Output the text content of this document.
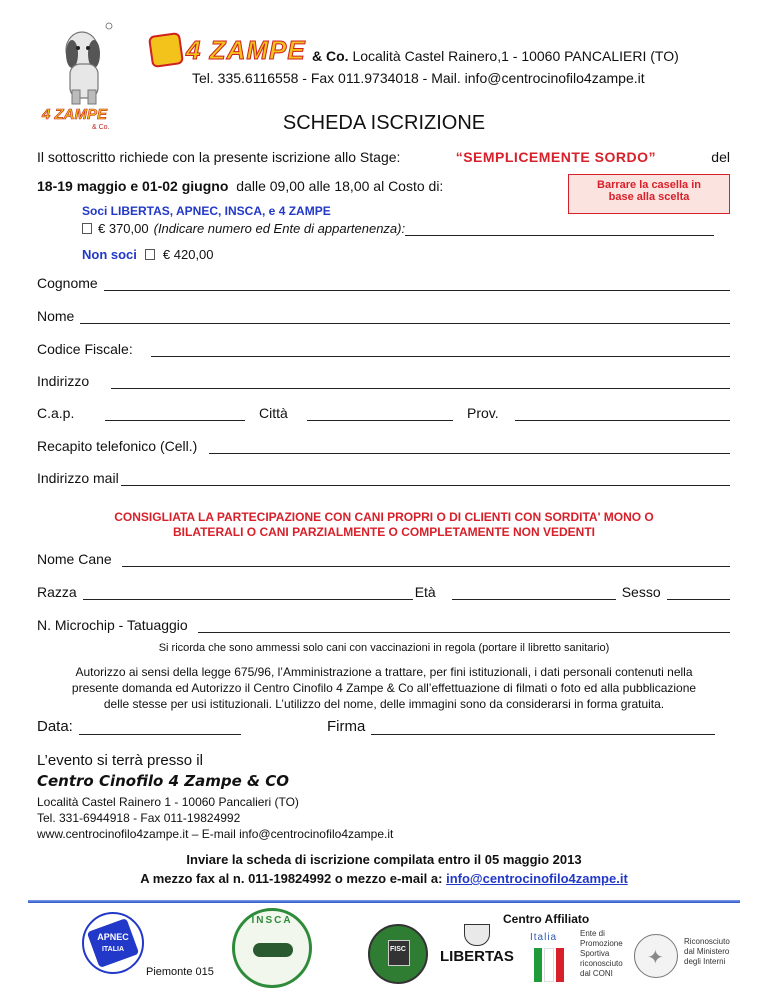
4 ZAMPE
& Co.
4 ZAMPE & Co. Località Castel Rainero,1 - 10060 PANCALIERI (TO)
Tel. 335.6116558 - Fax 011.9734018 - Mail. info@centrocinofilo4zampe.it
SCHEDA ISCRIZIONE
Il sottoscritto richiede con la presente iscrizione allo Stage:	“SEMPLICEMENTE SORDO”	del
18-19 maggio e 01-02 giugno dalle 09,00 alle 18,00 al Costo di:	Barrare la casella in
base alla scelta
Soci LIBERTAS, APNEC, INSCA, e 4 ZAMPE
€ 370,00 (Indicare numero ed Ente di appartenenza):
Non soci € 420,00
Cognome
Nome
Codice Fiscale:
Indirizzo
C.a.p.	Città	Prov.
Recapito telefonico (Cell.)
Indirizzo mail
CONSIGLIATA LA PARTECIPAZIONE CON CANI PROPRI O DI CLIENTI CON SORDITA' MONO O
BILATERALI O CANI PARZIALMENTE O COMPLETAMENTE NON VEDENTI
Nome Cane
Razza	Età	Sesso
N. Microchip - Tatuaggio
Si ricorda che sono ammessi solo cani con vaccinazioni in regola (portare il libretto sanitario)
Autorizzo ai sensi della legge 675/96, l’Amministrazione a trattare, per fini istituzionali, i dati personali contenuti nella
presente domanda ed Autorizzo il Centro Cinofilo 4 Zampe & Co all’effettuazione di filmati o foto ed alla pubblicazione
delle stesse per usi istituzionali. L’utilizzo del nome, delle immagini sono da considerarsi in forma gratuita.
Data:	Firma
L’evento si terrà presso il
Centro Cinofilo 4 Zampe & CO
Località Castel Rainero 1 - 10060 Pancalieri (TO)
Tel. 331-6944918 - Fax 011-19824992
www.centrocinofilo4zampe.it – E-mail info@centrocinofilo4zampe.it
Inviare la scheda di iscrizione compilata entro il 05 maggio 2013
A mezzo fax al n. 011-19824992 o mezzo e-mail a: info@centrocinofilo4zampe.it
Centro Affiliato
APNEC
ITALIA
Piemonte 015
INSCA
FISC	LIBERTAS
Italia	Ente di
Promozione
Sportiva
riconosciuto
dal CONI
✦
Riconosciuto
dal Ministero
degli Interni
